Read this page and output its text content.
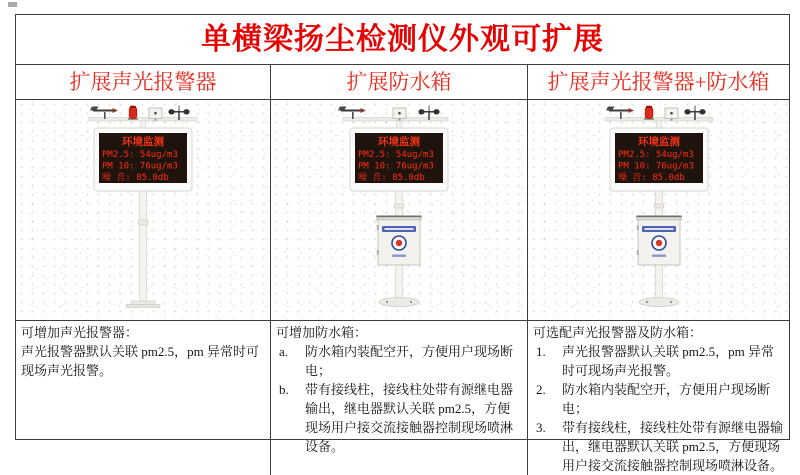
单横梁扬尘检测仪外观可扩展
扩展声光报警器	扩展防水箱	扩展声光报警器+防水箱
环境监测
PM2.5: 54ug/m3
PM 10: 76ug/m3
噪 音: 85.0db
环境监测
PM2.5: 54ug/m3
PM 10: 76ug/m3
噪 音: 85.0db
环境监测
PM2.5: 54ug/m3
PM 10: 76ug/m3
噪 音: 85.0db

可增加声光报警器：

声光报警器默认关联 pm2.5，pm 异常时可现场声光报警。

可增加防水箱：

a.	防水箱内装配空开，方便用户现场断电；
b.	带有接线柱，接线柱处带有源继电器输出，继电器默认关联 pm2.5，方便现场用户接交流接触器控制现场喷淋设备。

可选配声光报警器及防水箱：

1.	声光报警器默认关联 pm2.5，pm 异常时可现场声光报警。
2.	防水箱内装配空开，方便用户现场断电；
3.	带有接线柱，接线柱处带有源继电器输出，继电器默认关联 pm2.5，方便现场用户接交流接触器控制现场喷淋设备。
